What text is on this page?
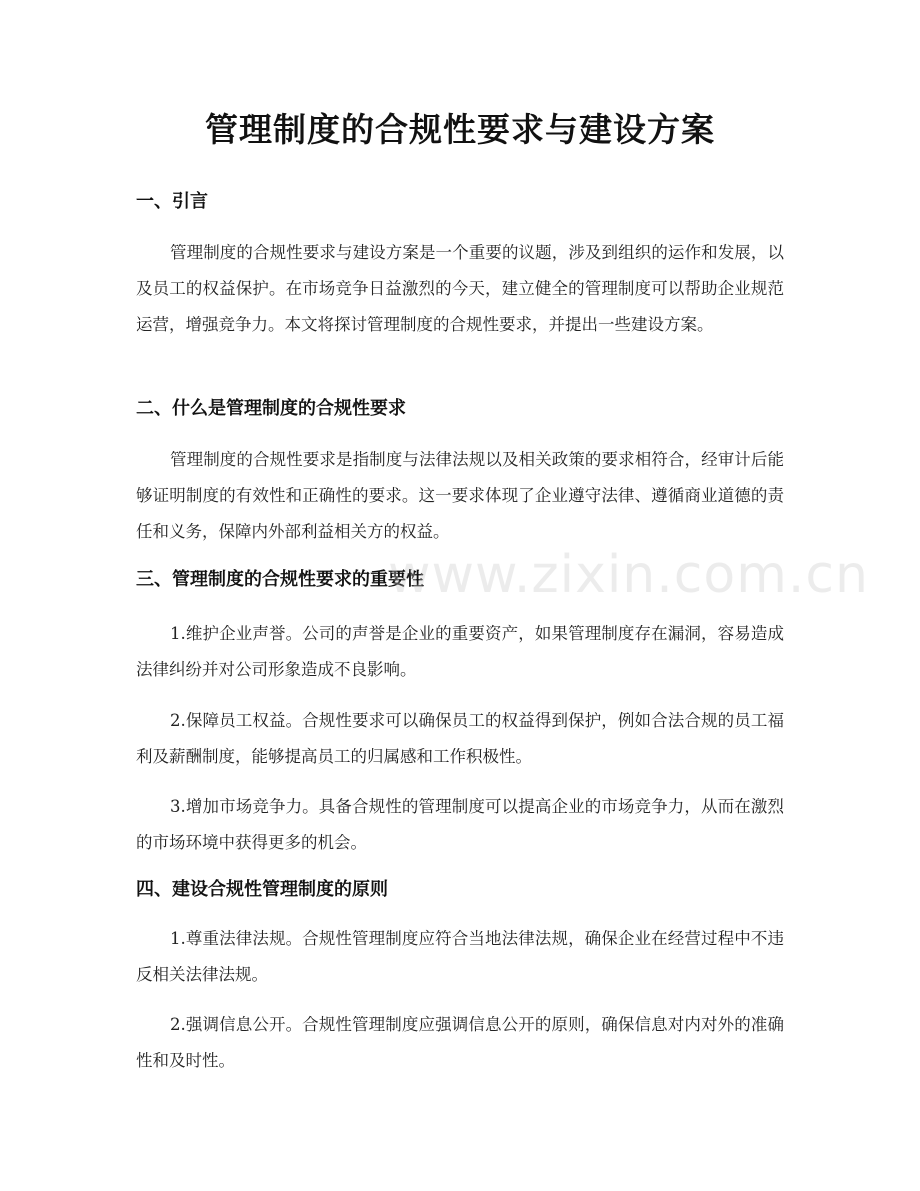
管理制度的合规性要求与建设方案
一、引言
管理制度的合规性要求与建设方案是一个重要的议题，涉及到组织的运作和发展，以及员工的权益保护。在市场竞争日益激烈的今天，建立健全的管理制度可以帮助企业规范运营，增强竞争力。本文将探讨管理制度的合规性要求，并提出一些建设方案。
二、什么是管理制度的合规性要求
管理制度的合规性要求是指制度与法律法规以及相关政策的要求相符合，经审计后能够证明制度的有效性和正确性的要求。这一要求体现了企业遵守法律、遵循商业道德的责任和义务，保障内外部利益相关方的权益。
三、管理制度的合规性要求的重要性
1.维护企业声誉。公司的声誉是企业的重要资产，如果管理制度存在漏洞，容易造成法律纠纷并对公司形象造成不良影响。
2.保障员工权益。合规性要求可以确保员工的权益得到保护，例如合法合规的员工福利及薪酬制度，能够提高员工的归属感和工作积极性。
3.增加市场竞争力。具备合规性的管理制度可以提高企业的市场竞争力，从而在激烈的市场环境中获得更多的机会。
四、建设合规性管理制度的原则
1.尊重法律法规。合规性管理制度应符合当地法律法规，确保企业在经营过程中不违反相关法律法规。
2.强调信息公开。合规性管理制度应强调信息公开的原则，确保信息对内对外的准确性和及时性。
www.zixin.com.cn
